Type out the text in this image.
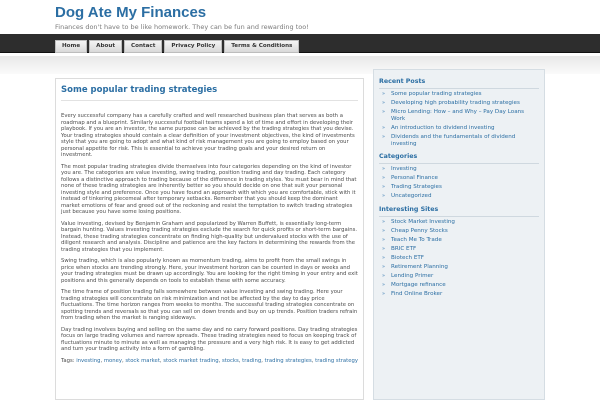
Dog Ate My Finances
Finances don't have to be like homework. They can be fun and rewarding too!
Home	About	Contact	Privacy Policy	Terms & Conditions
Some popular trading strategies

Every successful company has a carefully crafted and well researched business plan that serves as both a roadmap and a blueprint. Similarly successful football teams spend a lot of time and effort in developing their playbook. If you are an investor, the same purpose can be achieved by the trading strategies that you devise. Your trading strategies should contain a clear definition of your investment objectives, the kind of investments style that you are going to adopt and what kind of risk management you are going to employ based on your personal appetite for risk. This is essential to achieve your trading goals and your desired return on investment.

The most popular trading strategies divide themselves into four categories depending on the kind of investor you are. The categories are value investing, swing trading, position trading and day trading. Each category follows a distinctive approach to trading because of the difference in trading styles. You must bear in mind that none of these trading strategies are inherently better so you should decide on one that suit your personal investing style and preference. Once you have found an approach with which you are comfortable, stick with it instead of tinkering piecemeal after temporary setbacks. Remember that you should keep the dominant market emotions of fear and greed out of the reckoning and resist the temptation to switch trading strategies just because you have some losing positions.

Value investing, devised by Benjamin Graham and popularized by Warren Buffett, is essentially long-term bargain hunting. Values investing trading strategies exclude the search for quick profits or short-term bargains. Instead, these trading strategies concentrate on finding high-quality but undervalued stocks with the use of diligent research and analysis. Discipline and patience are the key factors in determining the rewards from the trading strategies that you implement.

Swing trading, which is also popularly known as momentum trading, aims to profit from the small swings in price when stocks are trending strongly. Here, your investment horizon can be counted in days or weeks and your trading strategies must be drawn up accordingly. You are looking for the right timing in your entry and exit positions and this generally depends on tools to establish these with some accuracy.

The time frame of position trading falls somewhere between value investing and swing trading. Here your trading strategies will concentrate on risk minimization and not be affected by the day to day price fluctuations. The time horizon ranges from weeks to months. The successful trading strategies concentrate on spotting trends and reversals so that you can sell on down trends and buy on up trends. Position traders refrain from trading when the market is ranging sideways.

Day trading involves buying and selling on the same day and no carry forward positions. Day trading strategies focus on large trading volumes and narrow spreads. These trading strategies need to focus on keeping track of fluctuations minute to minute as well as managing the pressure and a very high risk. It is easy to get addicted and turn your trading activity into a form of gambling.

Tags: investing, money, stock market, stock market trading, stocks, trading, trading strategies, trading strategy
Recent Posts
»	Some popular trading strategies
»	Developing high probability trading strategies
»	Micro Lending: How – and Why – Pay Day Loans Work
»	An introduction to dividend investing
»	Dividends and the fundamentals of dividend investing
Categories
»	Investing
»	Personal Finance
»	Trading Strategies
»	Uncategorized
Interesting Sites
»	Stock Market Investing
»	Cheap Penny Stocks
»	Teach Me To Trade
»	BRIC ETF
»	Biotech ETF
»	Retirement Planning
»	Lending Primer
»	Mortgage refinance
»	Find Online Broker
